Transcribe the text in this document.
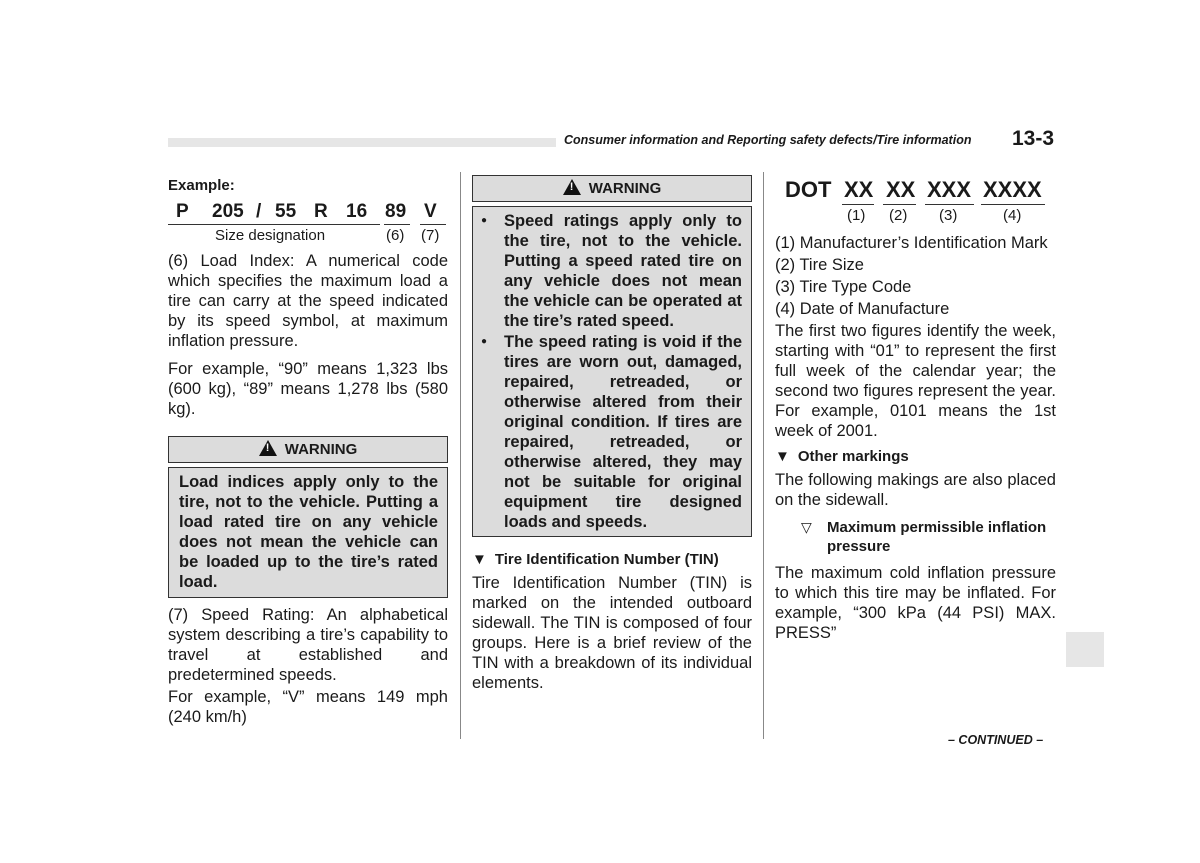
Consumer information and Reporting safety defects/Tire information 13-3

Example:

P 205 / 55 R 16 89 V
Size designation	(6) (7)

(6) Load Index: A numerical code which specifies the maximum load a tire can carry at the speed indicated by its speed symbol, at maximum inflation pressure.

For example, “90” means 1,323 lbs (600 kg), “89” means 1,278 lbs (580 kg).

!WARNING
Load indices apply only to the tire, not to the vehicle. Putting a load rated tire on any vehicle does not mean the vehicle can be loaded up to the tire’s rated load.

(7) Speed Rating: An alphabetical system describing a tire’s capability to travel at established and predetermined speeds.

For example, “V” means 149 mph (240 km/h)

!WARNING
● Speed ratings apply only to the tire, not to the vehicle. Putting a speed rated tire on any vehicle does not mean the vehicle can be operated at the tire’s rated speed.
● The speed rating is void if the tires are worn out, damaged, repaired, retreaded, or otherwise altered from their original condition. If tires are repaired, retreaded, or otherwise altered, they may not be suitable for original equipment tire designed loads and speeds.

▼ Tire Identification Number (TIN)

Tire Identification Number (TIN) is marked on the intended outboard sidewall. The TIN is composed of four groups. Here is a brief review of the TIN with a breakdown of its individual elements.

DOT XX XX XXX XXXX
(1) (2) (3)	(4)

(1) Manufacturer’s Identification Mark

(2) Tire Size

(3) Tire Type Code

(4) Date of Manufacture

The first two figures identify the week, starting with “01” to represent the first full week of the calendar year; the second two figures represent the year. For example, 0101 means the 1st week of 2001.

▼ Other markings

The following makings are also placed on the sidewall.

▽ Maximum permissible inflation pressure

The maximum cold inflation pressure to which this tire may be inflated. For example, “300 kPa (44 PSI) MAX. PRESS”

– CONTINUED –
